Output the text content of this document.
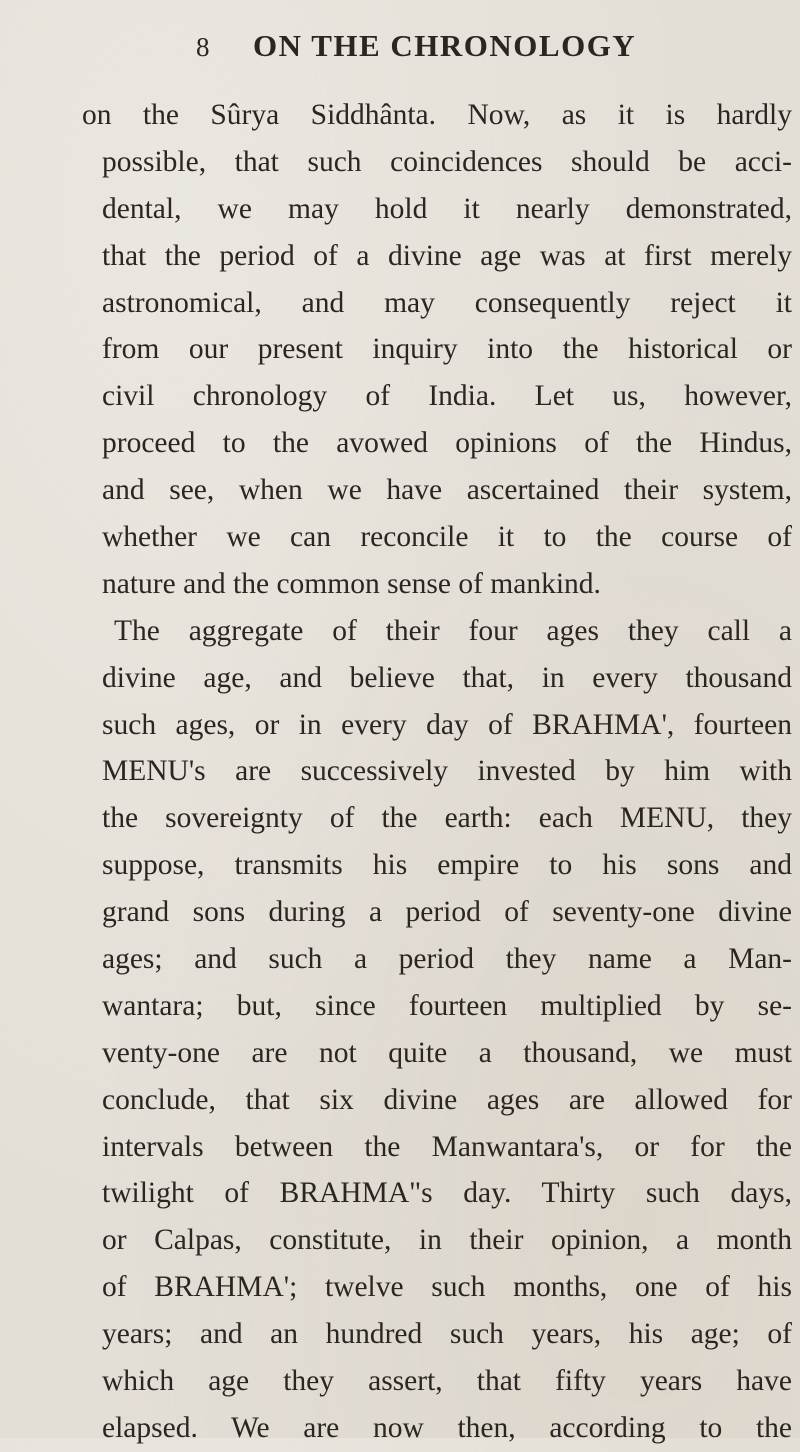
8 ON THE CHRONOLOGY
on the Sûrya Siddhânta. Now, as it is hardly
possible, that such coincidences should be acci-
dental, we may hold it nearly demonstrated,
that the period of a divine age was at first merely
astronomical, and may consequently reject it
from our present inquiry into the historical or
civil chronology of India. Let us, however,
proceed to the avowed opinions of the Hindus,
and see, when we have ascertained their system,
whether we can reconcile it to the course of
nature and the common sense of mankind.
The aggregate of their four ages they call a
divine age, and believe that, in every thousand
such ages, or in every day of BRAHMA', fourteen
MENU's are successively invested by him with
the sovereignty of the earth: each MENU, they
suppose, transmits his empire to his sons and
grand sons during a period of seventy-one divine
ages; and such a period they name a Man-
wantara; but, since fourteen multiplied by se-
venty-one are not quite a thousand, we must
conclude, that six divine ages are allowed for
intervals between the Manwantara's, or for the
twilight of BRAHMA"s day. Thirty such days,
or Calpas, constitute, in their opinion, a month
of BRAHMA'; twelve such months, one of his
years; and an hundred such years, his age; of
which age they assert, that fifty years have
elapsed. We are now then, according to the
